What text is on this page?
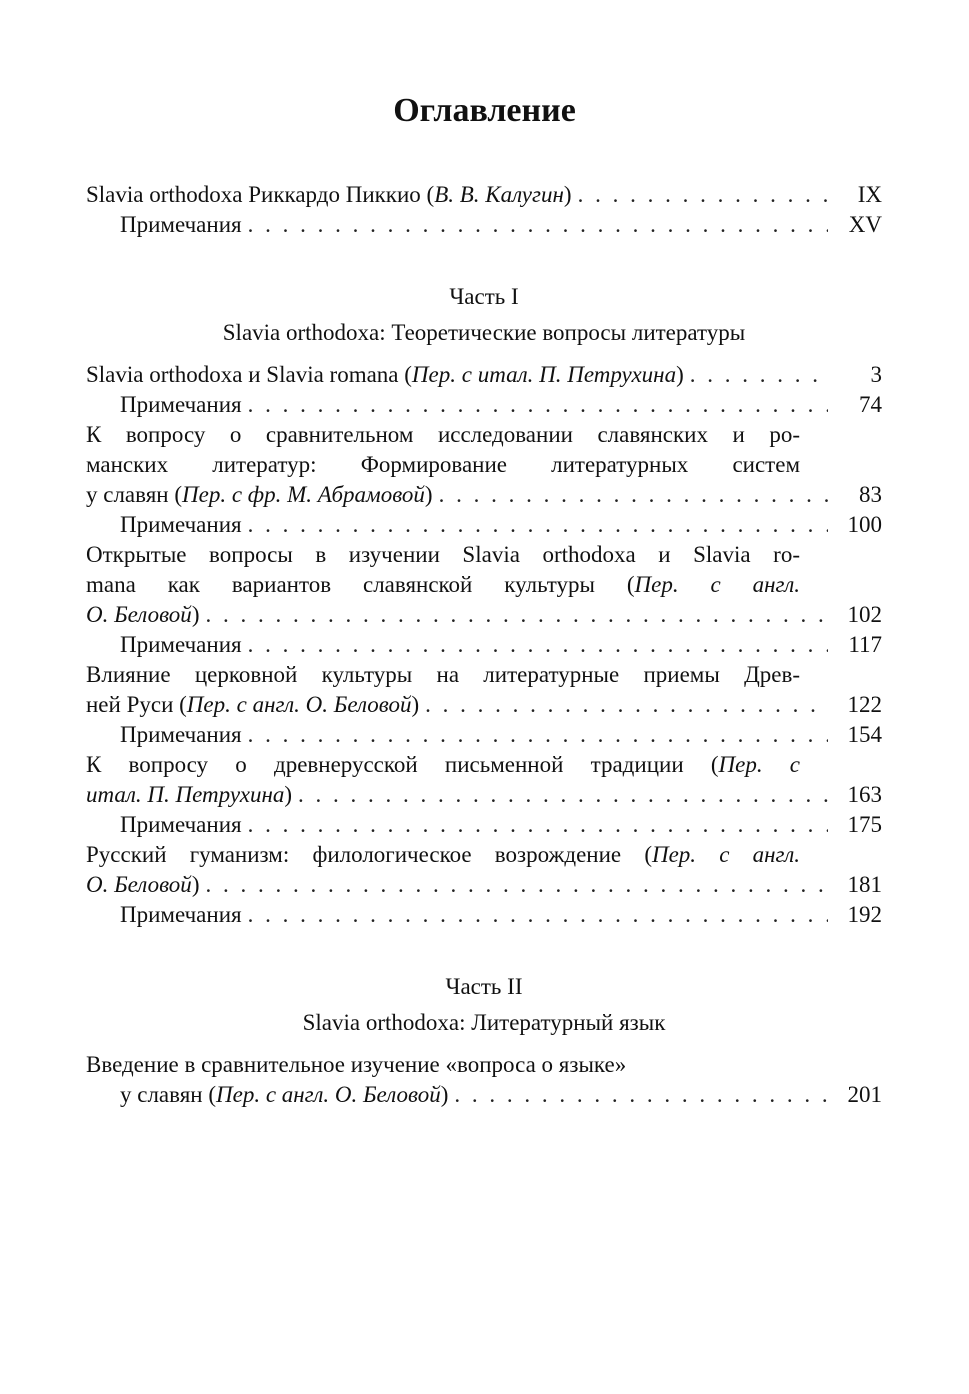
Оглавление
Slavia orthodoxa Риккардо Пиккио (В. В. Калугин) . . .	IX
Примечания . . .	XV
Часть I
Slavia orthodoxa: Теоретические вопросы литературы
Slavia orthodoxa и Slavia romana (Пер. с итал. П. Петрухина) . . .	3
Примечания . . .	74
К вопросу о сравнительном исследовании славянских и ро-
манских литератур: Формирование литературных систем
у славян (Пер. с фр. М. Абрамовой) . . .	83
Примечания . . .	100
Открытые вопросы в изучении Slavia orthodoxa и Slavia ro-
mana как вариантов славянской культуры (Пер. с англ.
О. Беловой) . . .	102
Примечания . . .	117
Влияние церковной культуры на литературные приемы Древ-
ней Руси (Пер. с англ. О. Беловой) . . .	122
Примечания . . .	154
К вопросу о древнерусской письменной традиции (Пер. с
итал. П. Петрухина) . . .	163
Примечания . . .	175
Русский гуманизм: филологическое возрождение (Пер. с англ.
О. Беловой) . . .	181
Примечания . . .	192
Часть II
Slavia orthodoxa: Литературный язык
Введение в сравнительное изучение «вопроса о языке»
у славян (Пер. с англ. О. Беловой) . . .	201
